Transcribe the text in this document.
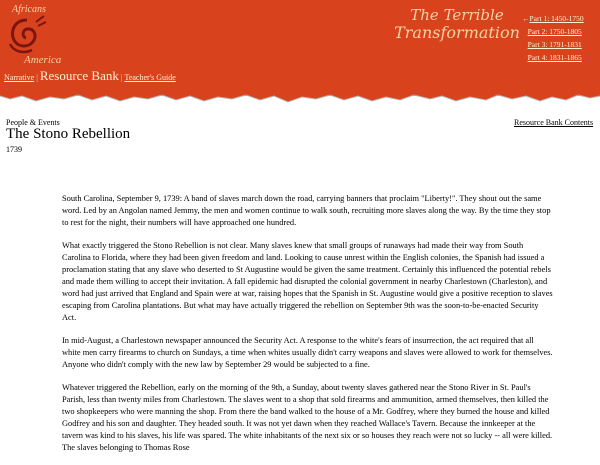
Africans
America
Narrative | Resource Bank | Teacher's Guide
The Terrible
Transformation
←Part 1: 1450-1750
Part 2: 1750-1805
Part 3: 1791-1831
Part 4: 1831-1865
People & Events	Resource Bank Contents
The Stono Rebellion
1739

South Carolina, September 9, 1739: A band of slaves march down the road, carrying banners that proclaim "Liberty!". They shout out the same word. Led by an Angolan named Jemmy, the men and women continue to walk south, recruiting more slaves along the way. By the time they stop to rest for the night, their numbers will have approached one hundred.

What exactly triggered the Stono Rebellion is not clear. Many slaves knew that small groups of runaways had made their way from South Carolina to Florida, where they had been given freedom and land. Looking to cause unrest within the English colonies, the Spanish had issued a proclamation stating that any slave who deserted to St Augustine would be given the same treatment. Certainly this influenced the potential rebels and made them willing to accept their invitation. A fall epidemic had disrupted the colonial government in nearby Charlestown (Charleston), and word had just arrived that England and Spain were at war, raising hopes that the Spanish in St. Augustine would give a positive reception to slaves escaping from Carolina plantations. But what may have actually triggered the rebellion on September 9th was the soon-to-be-enacted Security Act.

In mid-August, a Charlestown newspaper announced the Security Act. A response to the white's fears of insurrection, the act required that all white men carry firearms to church on Sundays, a time when whites usually didn't carry weapons and slaves were allowed to work for themselves. Anyone who didn't comply with the new law by September 29 would be subjected to a fine.

Whatever triggered the Rebellion, early on the morning of the 9th, a Sunday, about twenty slaves gathered near the Stono River in St. Paul's Parish, less than twenty miles from Charlestown. The slaves went to a shop that sold firearms and ammunition, armed themselves, then killed the two shopkeepers who were manning the shop. From there the band walked to the house of a Mr. Godfrey, where they burned the house and killed Godfrey and his son and daughter. They headed south. It was not yet dawn when they reached Wallace's Tavern. Because the innkeeper at the tavern was kind to his slaves, his life was spared. The white inhabitants of the next six or so houses they reach were not so lucky -- all were killed. The slaves belonging to Thomas Rose
